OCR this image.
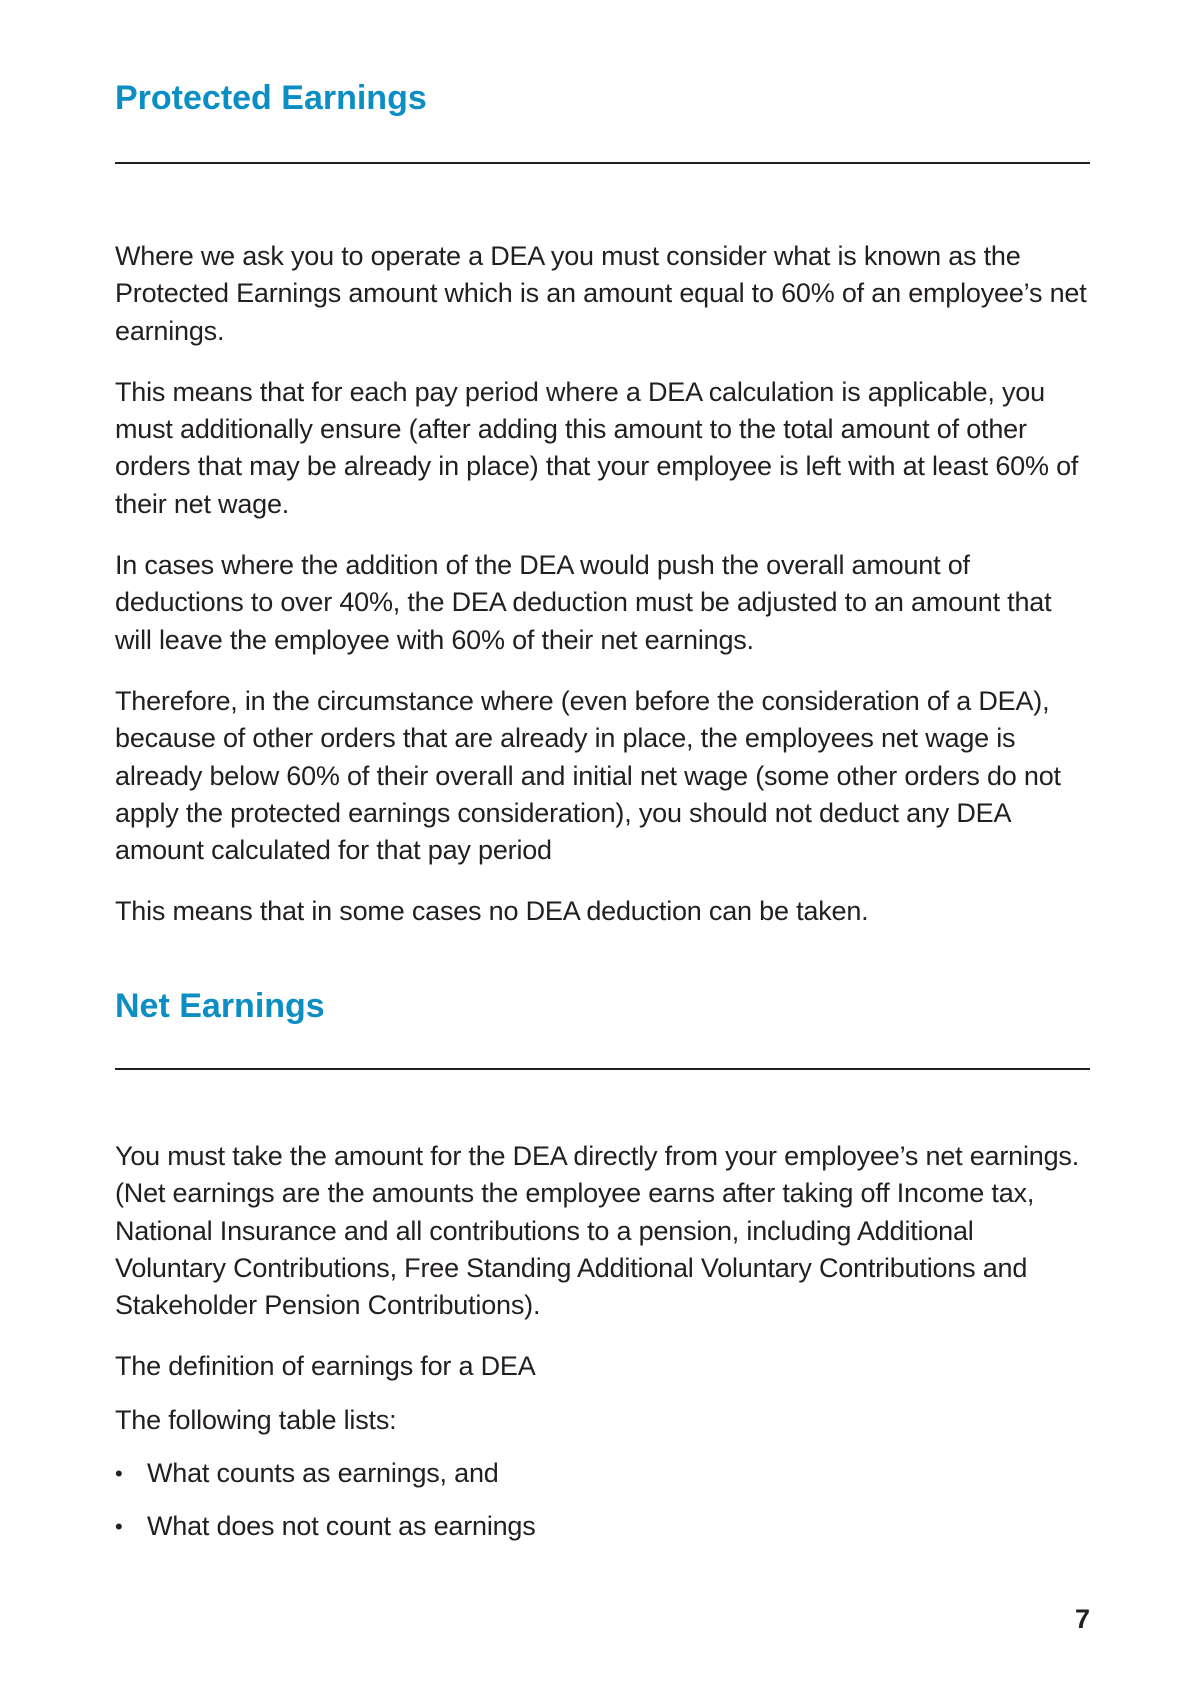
Protected Earnings

Where we ask you to operate a DEA you must consider what is known as the Protected Earnings amount which is an amount equal to 60% of an employee’s net earnings.

This means that for each pay period where a DEA calculation is applicable, you must additionally ensure (after adding this amount to the total amount of other orders that may be already in place) that your employee is left with at least 60% of their net wage.

In cases where the addition of the DEA would push the overall amount of deductions to over 40%, the DEA deduction must be adjusted to an amount that will leave the employee with 60% of their net earnings.

Therefore, in the circumstance where (even before the consideration of a DEA), because of other orders that are already in place, the employees net wage is already below 60% of their overall and initial net wage (some other orders do not apply the protected earnings consideration), you should not deduct any DEA amount calculated for that pay period

This means that in some cases no DEA deduction can be taken.

Net Earnings

You must take the amount for the DEA directly from your employee’s net earnings. (Net earnings are the amounts the employee earns after taking off Income tax, National Insurance and all contributions to a pension, including Additional Voluntary Contributions, Free Standing Additional Voluntary Contributions and Stakeholder Pension Contributions).

The definition of earnings for a DEA

The following table lists:

• What counts as earnings, and
• What does not count as earnings
7
